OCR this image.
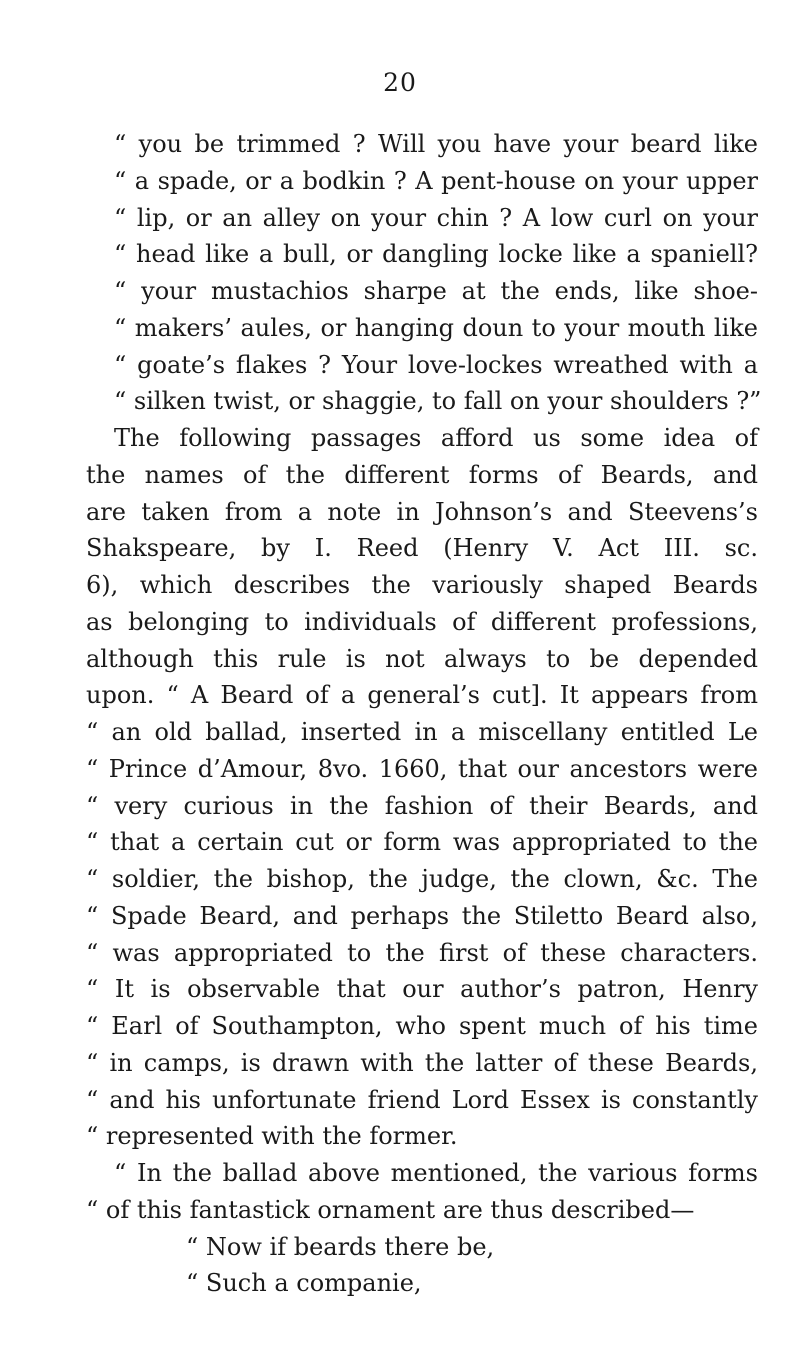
20
“ you be trimmed ? Will you have your beard like
“ a spade, or a bodkin ? A pent-house on your upper
“ lip, or an alley on your chin ? A low curl on your
“ head like a bull, or dangling locke like a spaniell?
“ your mustachios sharpe at the ends, like shoe-
“ makers’ aules, or hanging doun to your mouth like
“ goate’s flakes ? Your love-lockes wreathed with a
“ silken twist, or shaggie, to fall on your shoulders ?”
The following passages afford us some idea of
the names of the different forms of Beards, and
are taken from a note in Johnson’s and Steevens’s
Shakspeare, by I. Reed (Henry V. Act III. sc.
6), which describes the variously shaped Beards
as belonging to individuals of different professions,
although this rule is not always to be depended
upon. “ A Beard of a general’s cut]. It appears from
“ an old ballad, inserted in a miscellany entitled Le
“ Prince d’Amour, 8vo. 1660, that our ancestors were
“ very curious in the fashion of their Beards, and
“ that a certain cut or form was appropriated to the
“ soldier, the bishop, the judge, the clown, &c. The
“ Spade Beard, and perhaps the Stiletto Beard also,
“ was appropriated to the first of these characters.
“ It is observable that our author’s patron, Henry
“ Earl of Southampton, who spent much of his time
“ in camps, is drawn with the latter of these Beards,
“ and his unfortunate friend Lord Essex is constantly
“ represented with the former.
“ In the ballad above mentioned, the various forms
“ of this fantastick ornament are thus described—
“ Now if beards there be,
“ Such a companie,
